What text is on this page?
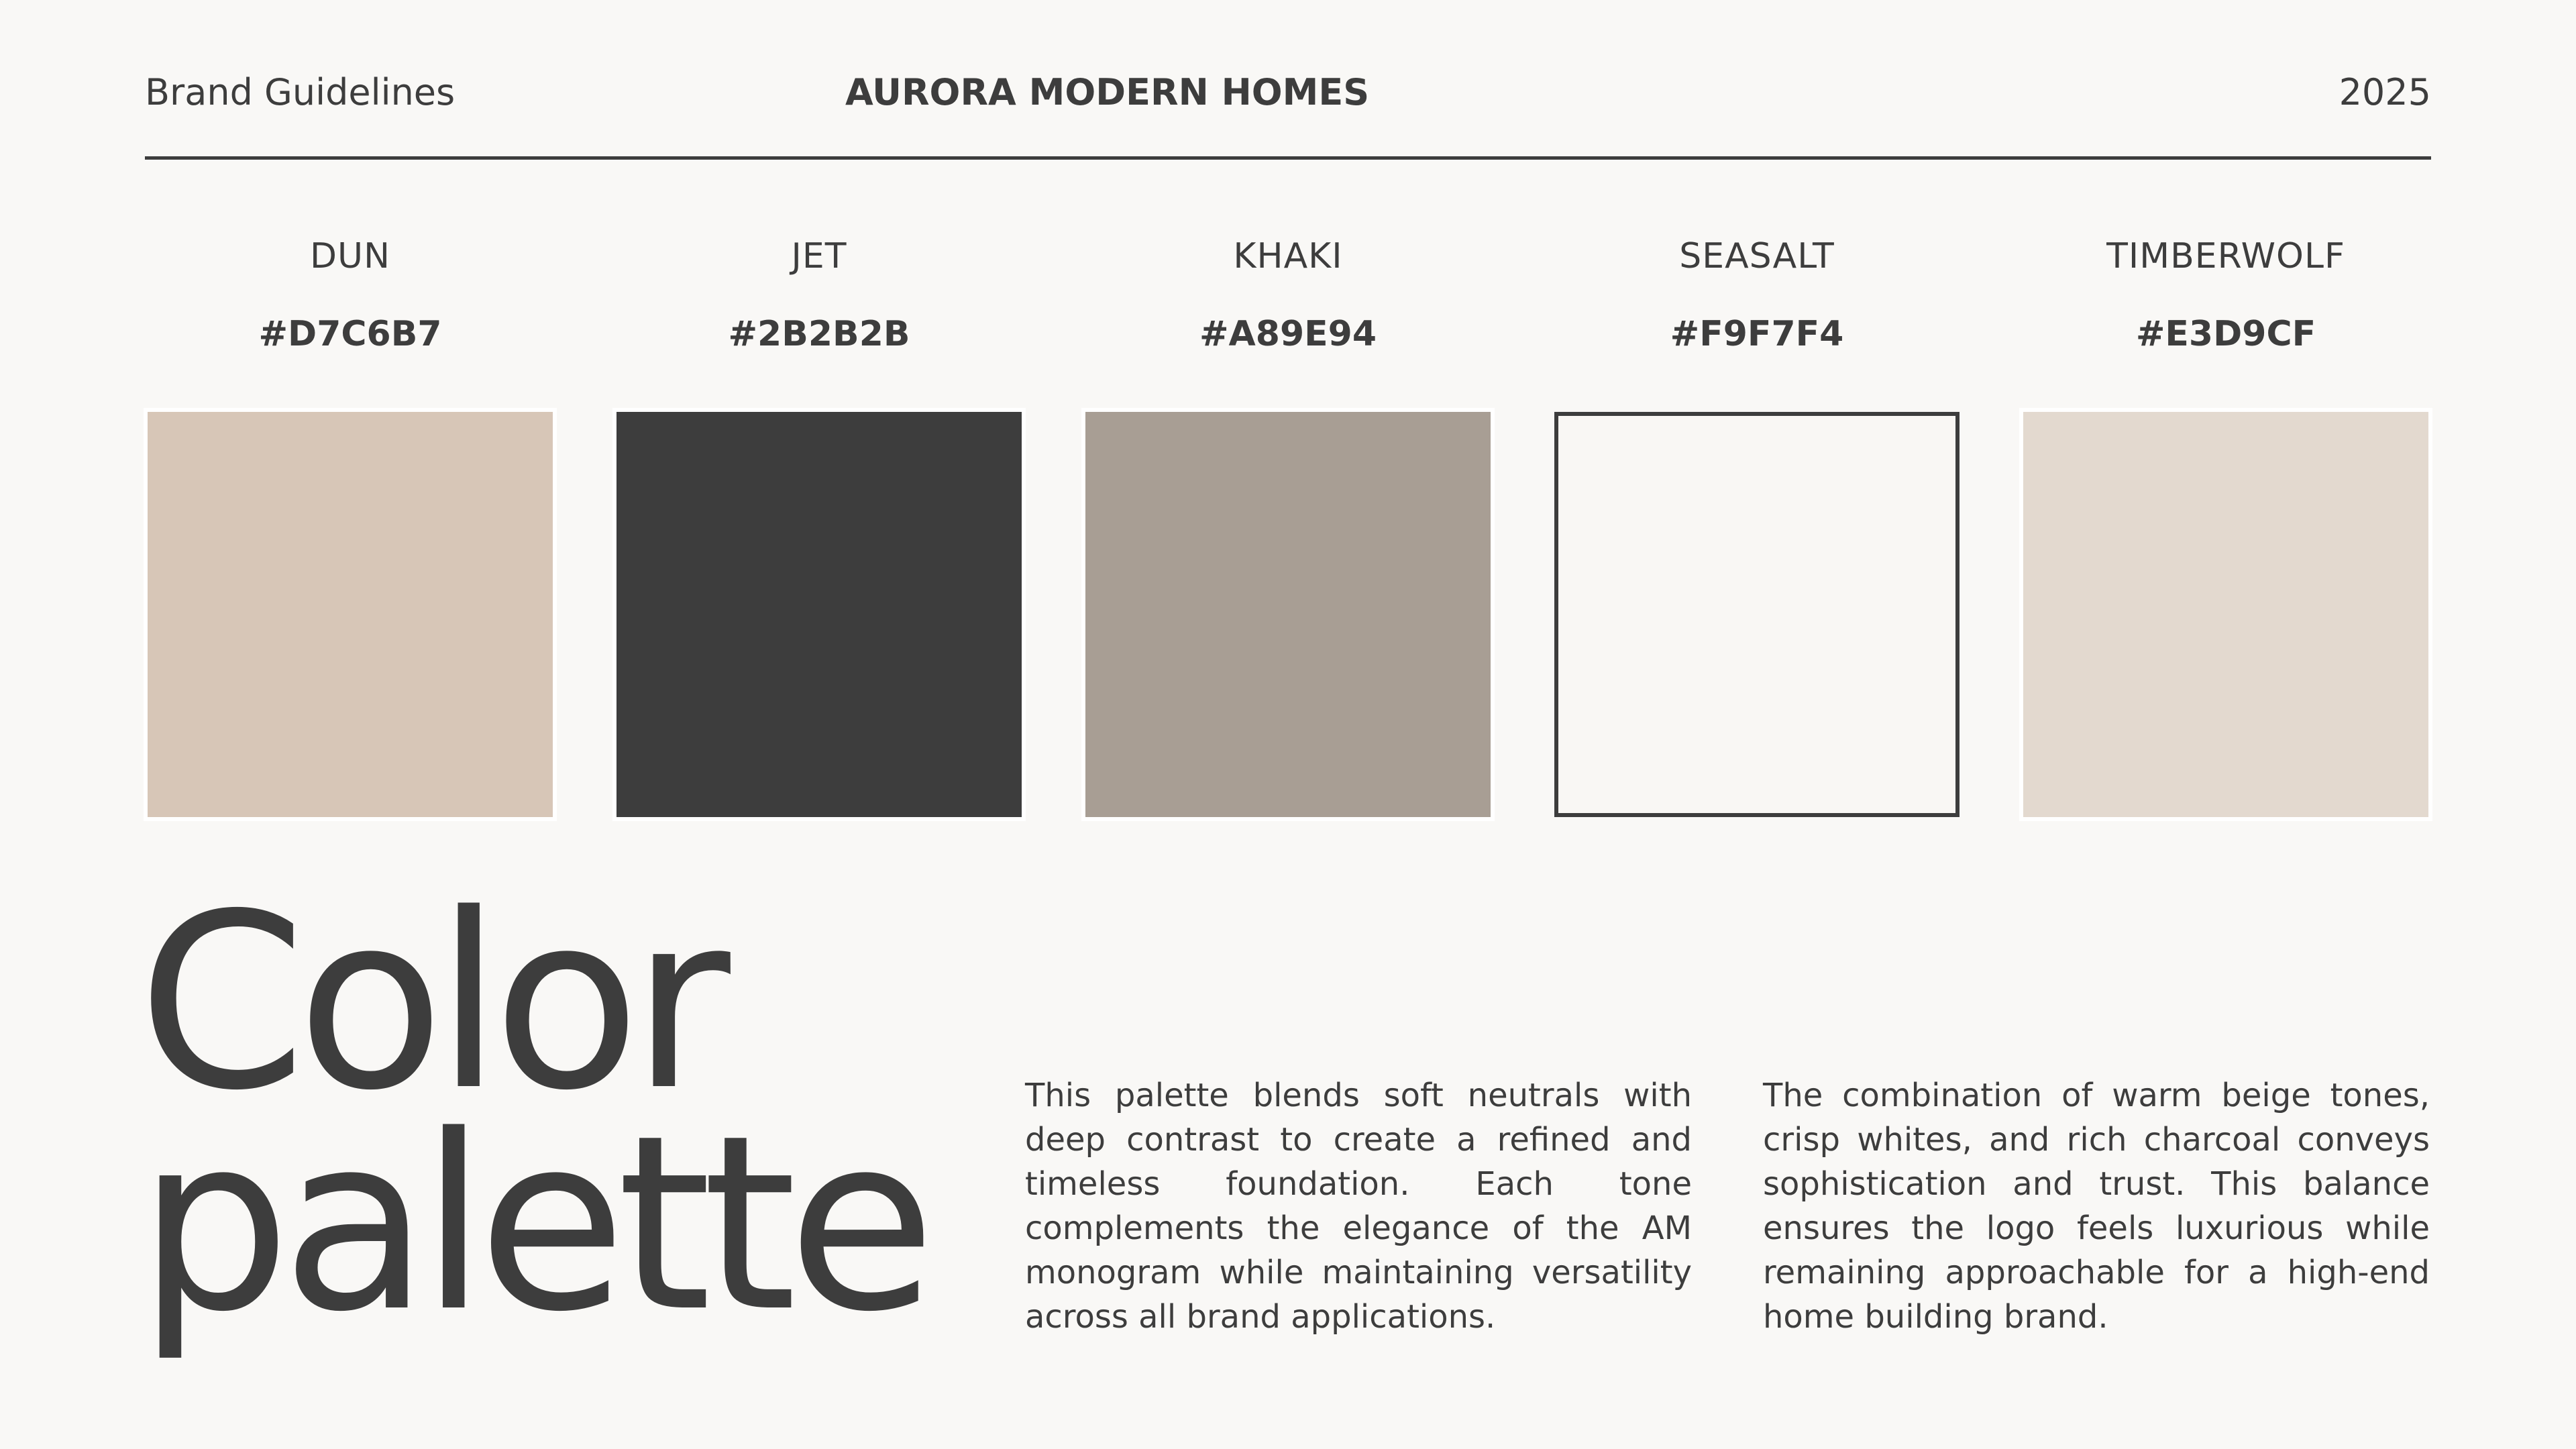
Brand Guidelines	AURORA MODERN HOMES	2025
DUN
#D7C6B7
JET
#2B2B2B
KHAKI
#A89E94
SEASALT
#F9F7F4
TIMBERWOLF
#E3D9CF
Color
palette	This palette blends soft neutrals with deep contrast to create a refined and timeless foundation. Each tone complements the elegance of the AM monogram while maintaining versatility across all brand applications.
The combination of warm beige tones, crisp whites, and rich charcoal conveys sophistication and trust. This balance ensures the logo feels luxurious while remaining approachable for a high-end home building brand.
